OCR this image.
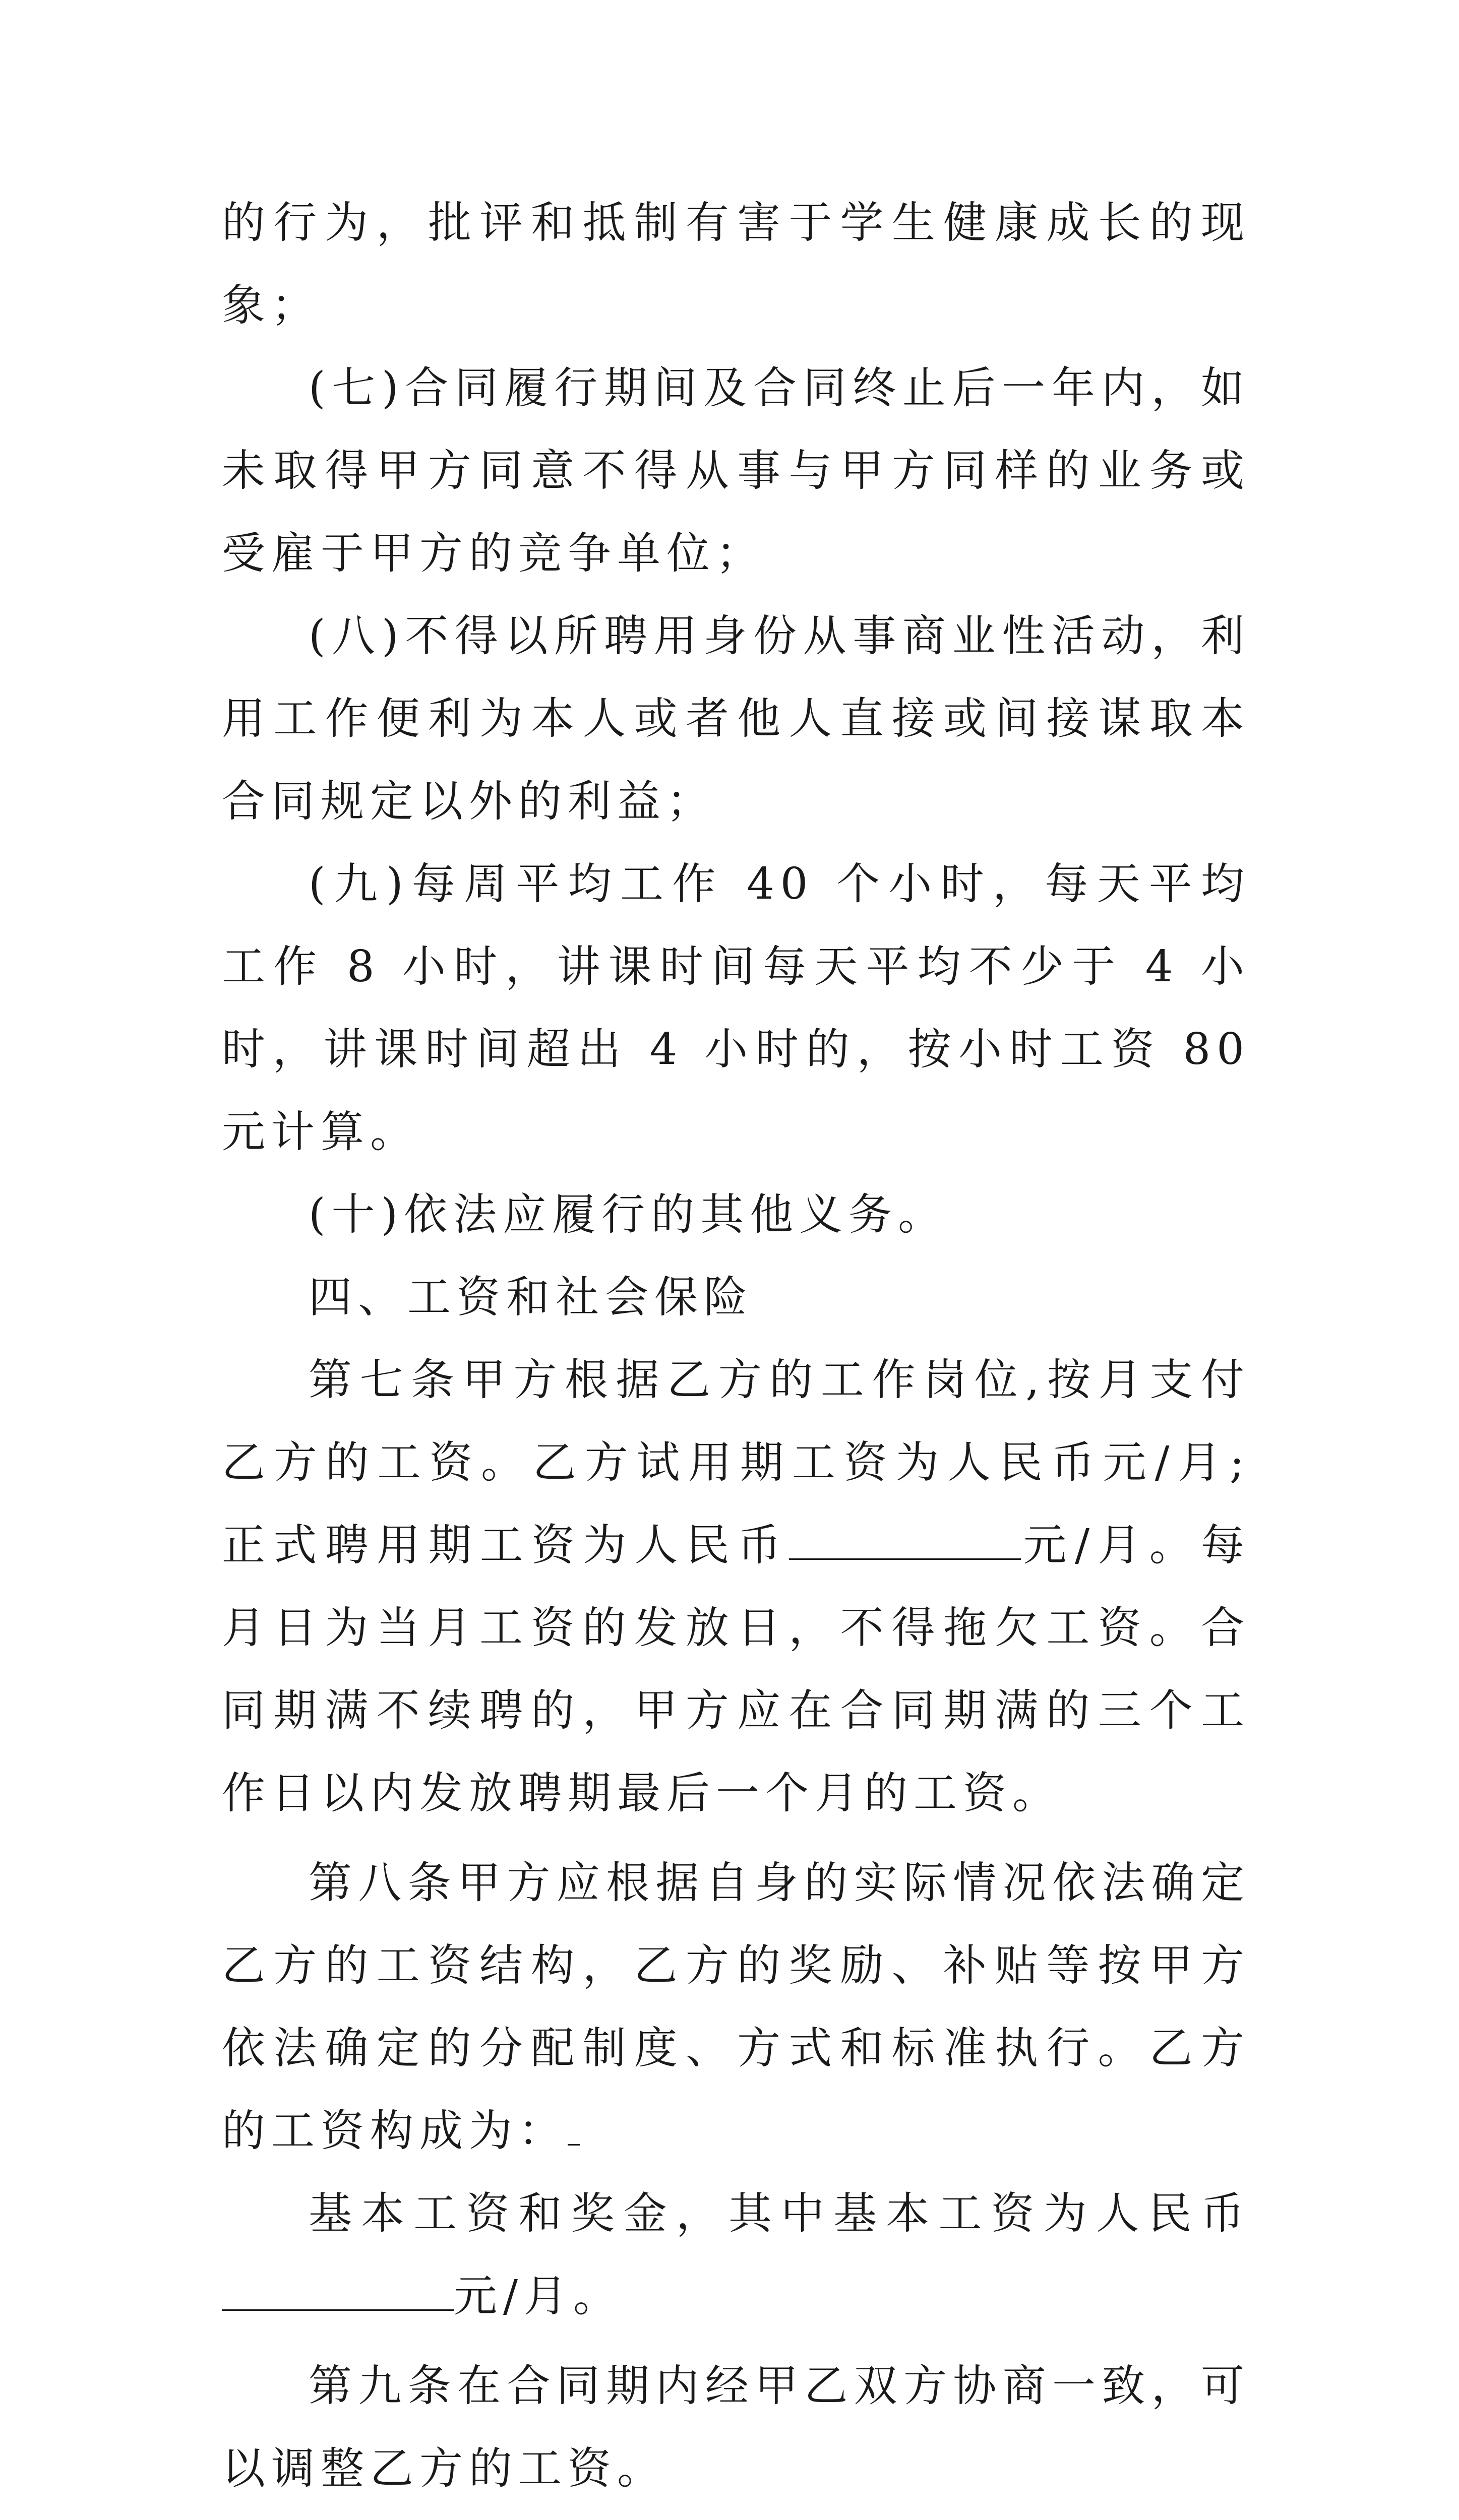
的行为，批评和抵制有害于学生健康成长的现象；

(七)合同履行期间及合同终止后一年内，如未取得甲方同意不得从事与甲方同样的业务或受雇于甲方的竞争单位；

(八)不得以所聘用身份从事商业性活动，利用工作便利为本人或者他人直接或间接谋取本合同规定以外的利益；

(九)每周平均工作 40 个小时，每天平均工作 8 小时，讲课时间每天平均不少于 4 小时，讲课时间超出 4 小时的，按小时工资 80 元计算。

(十)依法应履行的其他义务。

四、工资和社会保险

第七条甲方根据乙方的工作岗位,按月支付乙方的工资。乙方试用期工资为人民币元/月;正式聘用期工资为人民币	元/月。每月日为当月工资的发放日，不得拖欠工资。合同期满不续聘的，甲方应在合同期满的三个工作日以内发放聘期最后一个月的工资。

第八条甲方应根据自身的实际情况依法确定乙方的工资结构，乙方的奖励、补贴等按甲方依法确定的分配制度、方式和标准执行。乙方的工资构成为：

基本工资和奖金，其中基本工资为人民币元/月。

第九条在合同期内经甲乙双方协商一致，可以调整乙方的工资。
